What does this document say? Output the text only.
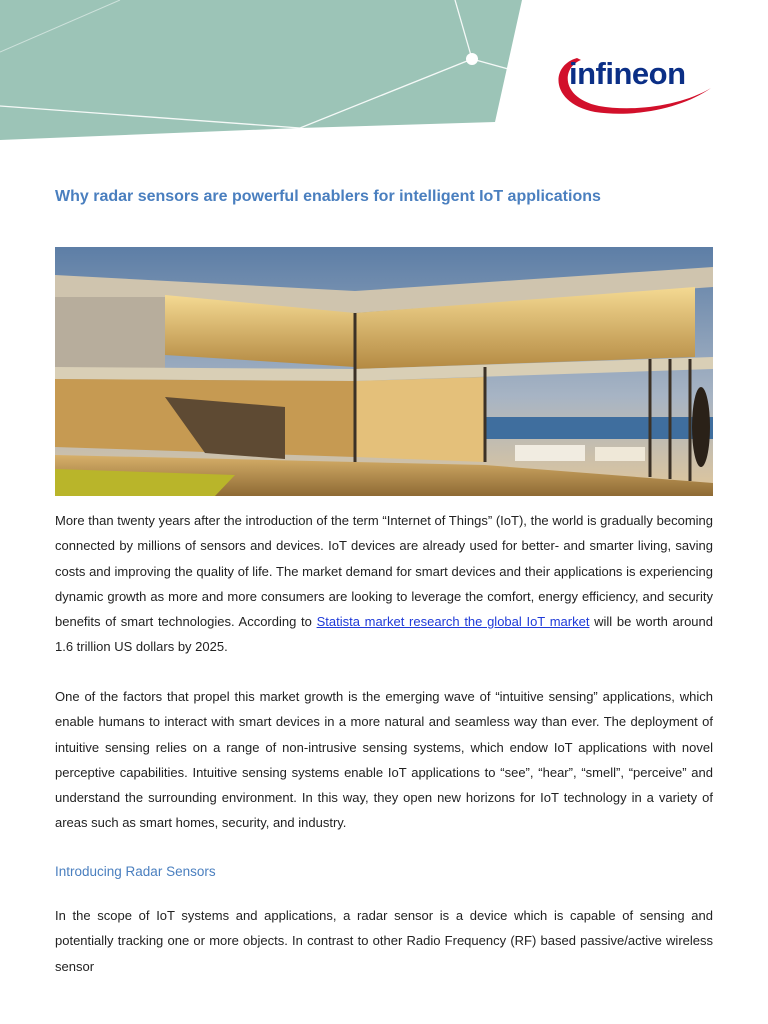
infineon
Why radar sensors are powerful enablers for intelligent IoT applications

More than twenty years after the introduction of the term “Internet of Things” (IoT), the world is gradually becoming connected by millions of sensors and devices. IoT devices are already used for better- and smarter living, saving costs and improving the quality of life. The market demand for smart devices and their applications is experiencing dynamic growth as more and more consumers are looking to leverage the comfort, energy efficiency, and security benefits of smart technologies. According to Statista market research the global IoT market will be worth around 1.6 trillion US dollars by 2025.

One of the factors that propel this market growth is the emerging wave of “intuitive sensing” applications, which enable humans to interact with smart devices in a more natural and seamless way than ever. The deployment of intuitive sensing relies on a range of non-intrusive sensing systems, which endow IoT applications with novel perceptive capabilities. Intuitive sensing systems enable IoT applications to “see”, “hear”, “smell”, “perceive” and understand the surrounding environment. In this way, they open new horizons for IoT technology in a variety of areas such as smart homes, security, and industry.

Introducing Radar Sensors

In the scope of IoT systems and applications, a radar sensor is a device which is capable of sensing and potentially tracking one or more objects. In contrast to other Radio Frequency (RF) based passive/active wireless sensor
